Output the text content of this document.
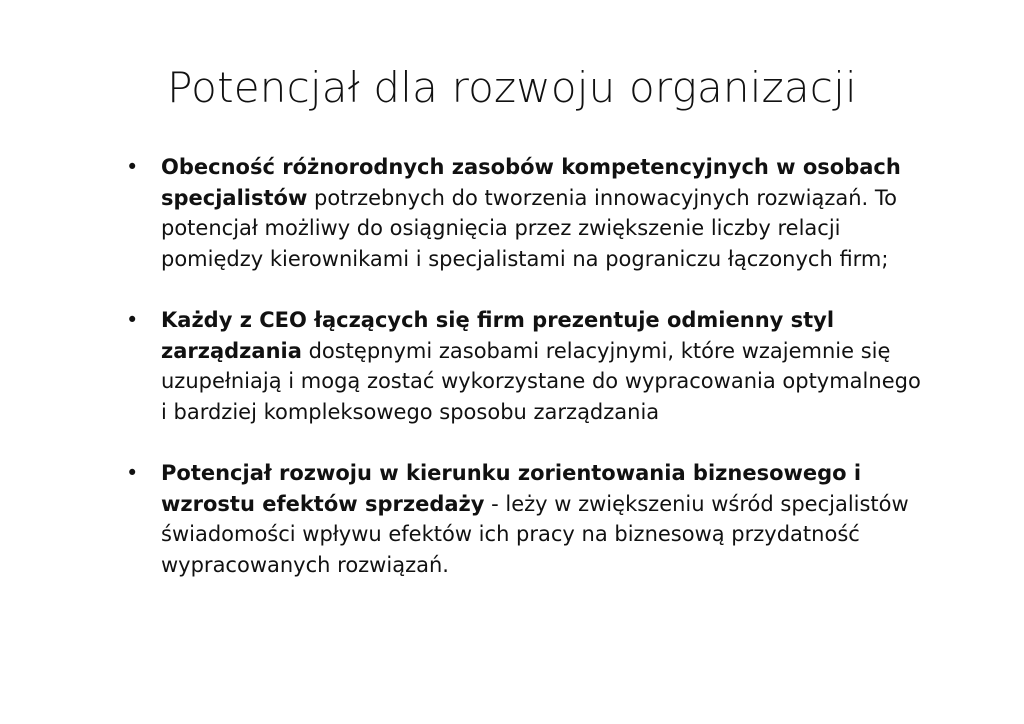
Potencjał dla rozwoju organizacji
• Obecność różnorodnych zasobów kompetencyjnych w osobach specjalistów potrzebnych do tworzenia innowacyjnych rozwiązań. To potencjał możliwy do osiągnięcia przez zwiększenie liczby relacji pomiędzy kierownikami i specjalistami na pograniczu łączonych firm;
• Każdy z CEO łączących się firm prezentuje odmienny styl zarządzania dostępnymi zasobami relacyjnymi, które wzajemnie się uzupełniają i mogą zostać wykorzystane do wypracowania optymalnego i bardziej kompleksowego sposobu zarządzania
• Potencjał rozwoju w kierunku zorientowania biznesowego i wzrostu efektów sprzedaży - leży w zwiększeniu wśród specjalistów świadomości wpływu efektów ich pracy na biznesową przydatność wypracowanych rozwiązań.
